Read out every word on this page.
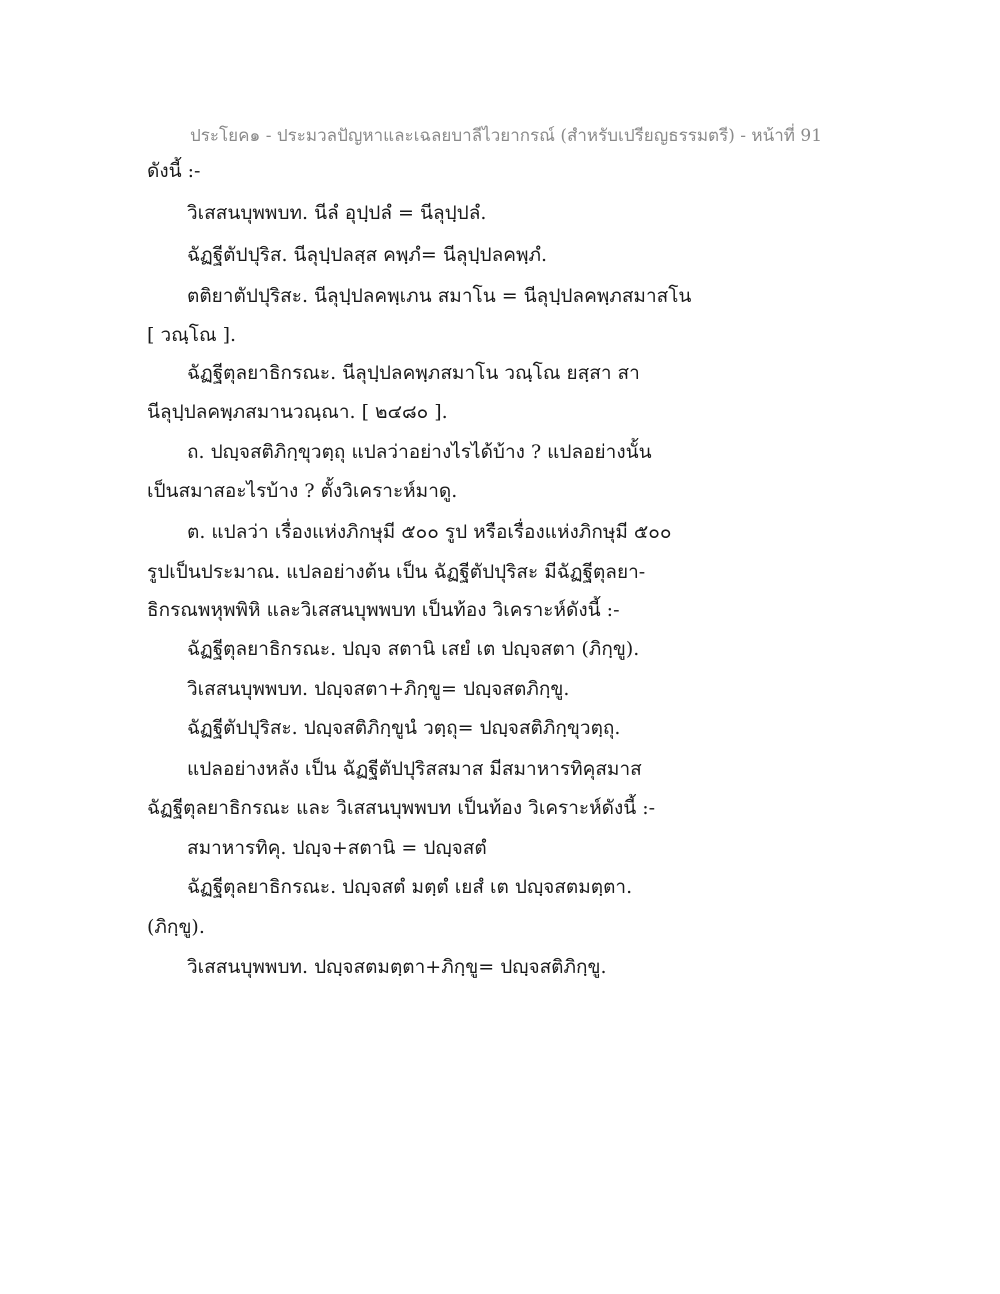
ประโยค๑ - ประมวลปัญหาและเฉลยบาลีไวยากรณ์ (สำหรับเปรียญธรรมตรี) - หน้าที่ 91
ดังนี้ :-
วิเสสนบุพพบท. นีลํ อุปฺปลํ = นีลุปฺปลํ.
ฉัฏฐีตัปปุริส. นีลุปฺปลสฺส คพฺภํ= นีลุปฺปลคพฺภํ.
ตติยาตัปปุริสะ. นีลุปฺปลคพฺเภน สมาโน = นีลุปฺปลคพฺภสมาสโน
[ วณฺโณ ].
ฉัฏฐีตุลยาธิกรณะ. นีลุปฺปลคพฺภสมาโน วณฺโณ ยสฺสา สา
นีลุปฺปลคพฺภสมานวณฺณา. [ ๒๔๘๐ ].
ถ. ปญฺจสติภิกฺขุวตฺถุ แปลว่าอย่างไรได้บ้าง ? แปลอย่างนั้น
เป็นสมาสอะไรบ้าง ? ตั้งวิเคราะห์มาดู.
ต. แปลว่า เรื่องแห่งภิกษุมี ๕๐๐ รูป หรือเรื่องแห่งภิกษุมี ๕๐๐
รูปเป็นประมาณ. แปลอย่างต้น เป็น ฉัฏฐีตัปปุริสะ มีฉัฏฐีตุลยา-
ธิกรณพหุพพิหิ และวิเสสนบุพพบท เป็นท้อง วิเคราะห์ดังนี้ :-
ฉัฏฐีตุลยาธิกรณะ. ปญฺจ สตานิ เสยํ เต ปญฺจสตา (ภิกฺขู).
วิเสสนบุพพบท. ปญฺจสตา+ภิกฺขู= ปญฺจสตภิกฺขู.
ฉัฏฐีตัปปุริสะ. ปญฺจสติภิกฺขูนํ วตฺถุ= ปญฺจสติภิกฺขุวตฺถุ.
แปลอย่างหลัง เป็น ฉัฏฐีตัปปุริสสมาส มีสมาหารทิคุสมาส
ฉัฏฐีตุลยาธิกรณะ และ วิเสสนบุพพบท เป็นท้อง วิเคราะห์ดังนี้ :-
สมาหารทิคุ. ปญฺจ+สตานิ = ปญฺจสตํ
ฉัฏฐีตุลยาธิกรณะ. ปญฺจสตํ มตฺตํ เยสํ เต ปญฺจสตมตฺตา.
(ภิกฺขู).
วิเสสนบุพพบท. ปญฺจสตมตฺตา+ภิกฺขู= ปญฺจสติภิกฺขู.
